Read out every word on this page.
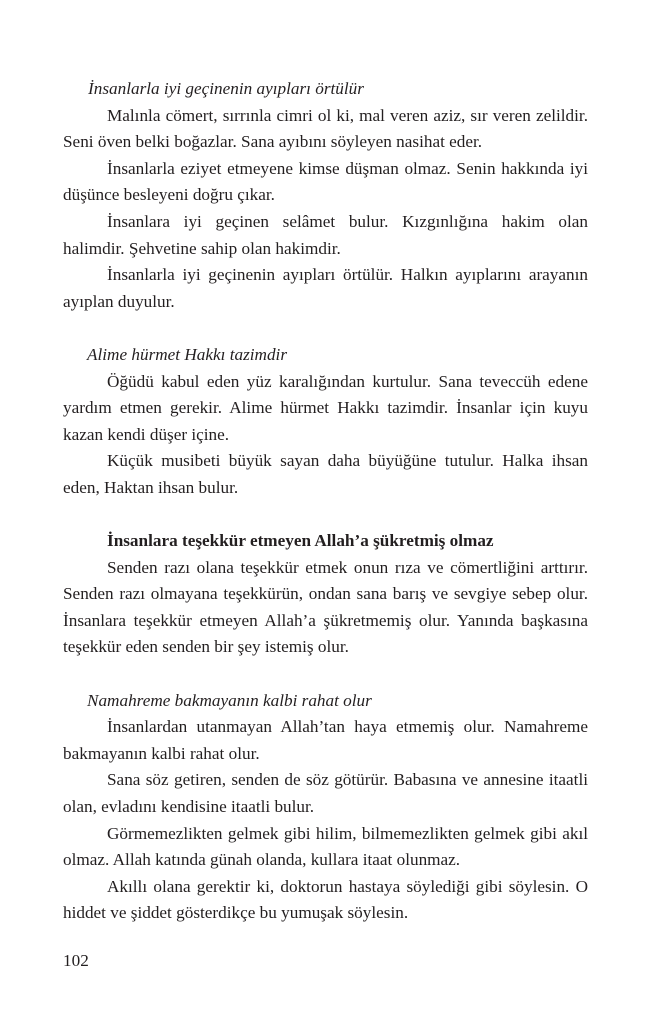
İnsanlarla iyi geçinenin ayıpları örtülür

Malınla cömert, sırrınla cimri ol ki, mal veren aziz, sır veren zelildir. Seni öven belki boğazlar. Sana ayıbını söyleyen nasihat eder.

İnsanlarla eziyet etmeyene kimse düşman olmaz. Senin hakkında iyi düşünce besleyeni doğru çıkar.

İnsanlara iyi geçinen selâmet bulur. Kızgınlığına hakim olan halimdir. Şehvetine sahip olan hakimdir.

İnsanlarla iyi geçinenin ayıpları örtülür. Halkın ayıplarını arayanın ayıplan duyulur.

Alime hürmet Hakkı tazimdir

Öğüdü kabul eden yüz karalığından kurtulur. Sana teveccüh edene yardım etmen gerekir. Alime hürmet Hakkı tazimdir. İnsanlar için kuyu kazan kendi düşer içine.

Küçük musibeti büyük sayan daha büyüğüne tutulur. Halka ihsan eden, Haktan ihsan bulur.

İnsanlara teşekkür etmeyen Allah’a şükretmiş olmaz

Senden razı olana teşekkür etmek onun rıza ve cömertliğini arttırır. Senden razı olmayana teşekkürün, ondan sana barış ve sevgiye sebep olur. İnsanlara teşekkür etmeyen Allah’a şükretmemiş olur. Yanında başkasına teşekkür eden senden bir şey istemiş olur.

Namahreme bakmayanın kalbi rahat olur

İnsanlardan utanmayan Allah’tan haya etmemiş olur. Namahreme bakmayanın kalbi rahat olur.

Sana söz getiren, senden de söz götürür. Babasına ve annesine itaatli olan, evladını kendisine itaatli bulur.

Görmemezlikten gelmek gibi hilim, bilmemezlikten gelmek gibi akıl olmaz. Allah katında günah olanda, kullara itaat olunmaz.

Akıllı olana gerektir ki, doktorun hastaya söylediği gibi söylesin. O hiddet ve şiddet gösterdikçe bu yumuşak söylesin.

102
